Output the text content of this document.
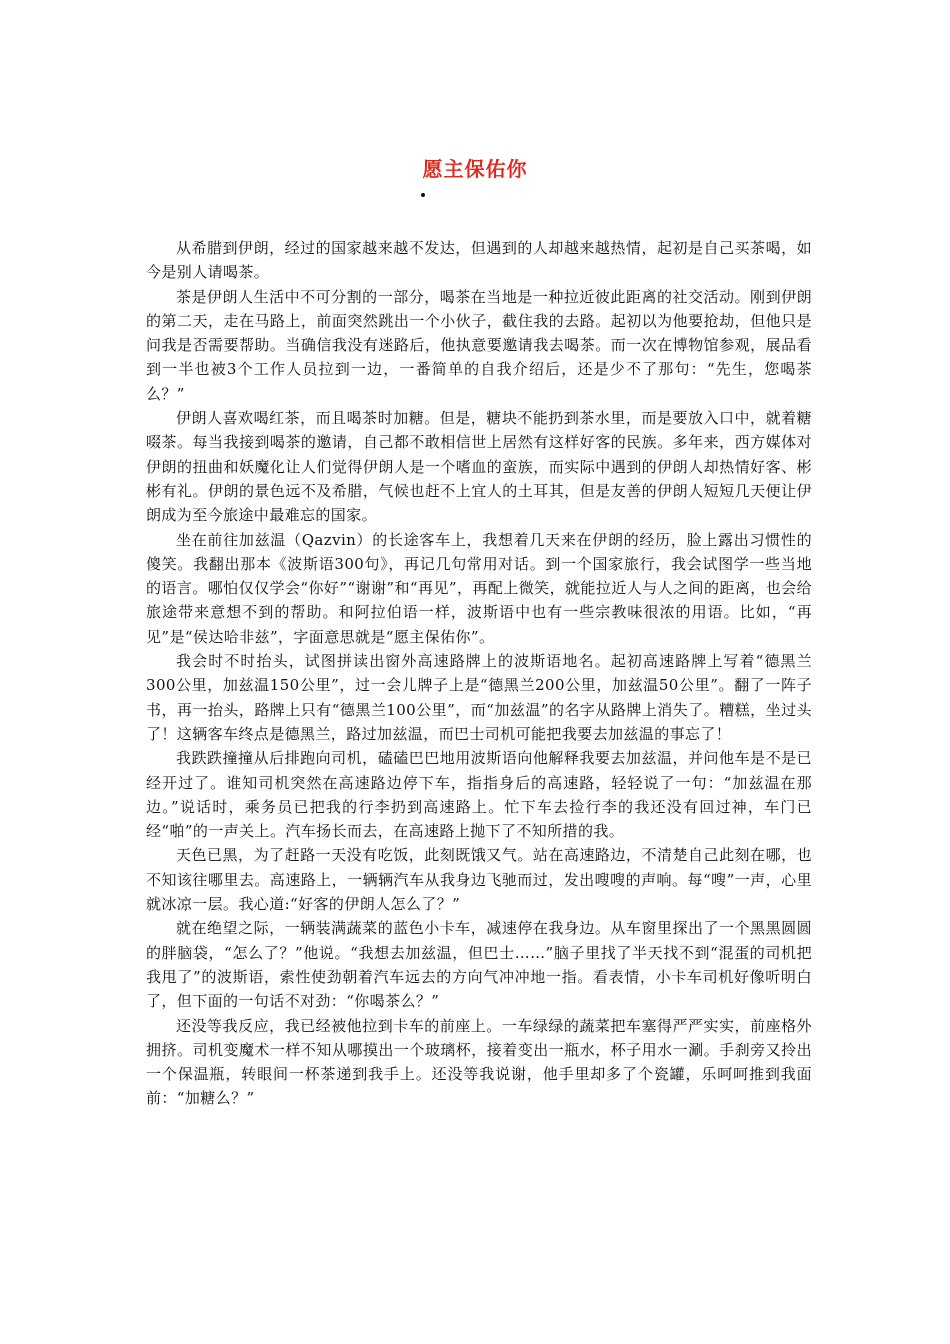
愿主保佑你

从希腊到伊朗，经过的国家越来越不发达，但遇到的人却越来越热情，起初是自己买茶喝，如今是别人请喝茶。

茶是伊朗人生活中不可分割的一部分，喝茶在当地是一种拉近彼此距离的社交活动。刚到伊朗的第二天，走在马路上，前面突然跳出一个小伙子，截住我的去路。起初以为他要抢劫，但他只是问我是否需要帮助。当确信我没有迷路后，他执意要邀请我去喝茶。而一次在博物馆参观，展品看到一半也被3个工作人员拉到一边，一番简单的自我介绍后，还是少不了那句：“先生，您喝茶么？”

伊朗人喜欢喝红茶，而且喝茶时加糖。但是，糖块不能扔到茶水里，而是要放入口中，就着糖啜茶。每当我接到喝茶的邀请，自己都不敢相信世上居然有这样好客的民族。多年来，西方媒体对伊朗的扭曲和妖魔化让人们觉得伊朗人是一个嗜血的蛮族，而实际中遇到的伊朗人却热情好客、彬彬有礼。伊朗的景色远不及希腊，气候也赶不上宜人的土耳其，但是友善的伊朗人短短几天便让伊朗成为至今旅途中最难忘的国家。

坐在前往加兹温（Qazvin）的长途客车上，我想着几天来在伊朗的经历，脸上露出习惯性的傻笑。我翻出那本《波斯语300句》，再记几句常用对话。到一个国家旅行，我会试图学一些当地的语言。哪怕仅仅学会“你好”“谢谢”和“再见”，再配上微笑，就能拉近人与人之间的距离，也会给旅途带来意想不到的帮助。和阿拉伯语一样，波斯语中也有一些宗教味很浓的用语。比如，“再见”是“侯达哈非兹”，字面意思就是“愿主保佑你”。

我会时不时抬头，试图拼读出窗外高速路牌上的波斯语地名。起初高速路牌上写着“德黑兰300公里，加兹温150公里”，过一会儿牌子上是“德黑兰200公里，加兹温50公里”。翻了一阵子书，再一抬头，路牌上只有“德黑兰100公里”，而“加兹温”的名字从路牌上消失了。糟糕，坐过头了！这辆客车终点是德黑兰，路过加兹温，而巴士司机可能把我要去加兹温的事忘了！

我跌跌撞撞从后排跑向司机，磕磕巴巴地用波斯语向他解释我要去加兹温，并问他车是不是已经开过了。谁知司机突然在高速路边停下车，指指身后的高速路，轻轻说了一句：“加兹温在那边。”说话时，乘务员已把我的行李扔到高速路上。忙下车去捡行李的我还没有回过神，车门已经“啪”的一声关上。汽车扬长而去，在高速路上抛下了不知所措的我。

天色已黑，为了赶路一天没有吃饭，此刻既饿又气。站在高速路边，不清楚自己此刻在哪，也不知该往哪里去。高速路上，一辆辆汽车从我身边飞驰而过，发出嗖嗖的声响。每“嗖”一声，心里就冰凉一层。我心道:“好客的伊朗人怎么了？”

就在绝望之际，一辆装满蔬菜的蓝色小卡车，减速停在我身边。从车窗里探出了一个黑黑圆圆的胖脑袋，“怎么了？”他说。“我想去加兹温，但巴士……”脑子里找了半天找不到“混蛋的司机把我甩了”的波斯语，索性使劲朝着汽车远去的方向气冲冲地一指。看表情，小卡车司机好像听明白了，但下面的一句话不对劲：“你喝茶么？”

还没等我反应，我已经被他拉到卡车的前座上。一车绿绿的蔬菜把车塞得严严实实，前座格外拥挤。司机变魔术一样不知从哪摸出一个玻璃杯，接着变出一瓶水，杯子用水一涮。手刹旁又拎出一个保温瓶，转眼间一杯茶递到我手上。还没等我说谢，他手里却多了个瓷罐，乐呵呵推到我面前：“加糖么？”
